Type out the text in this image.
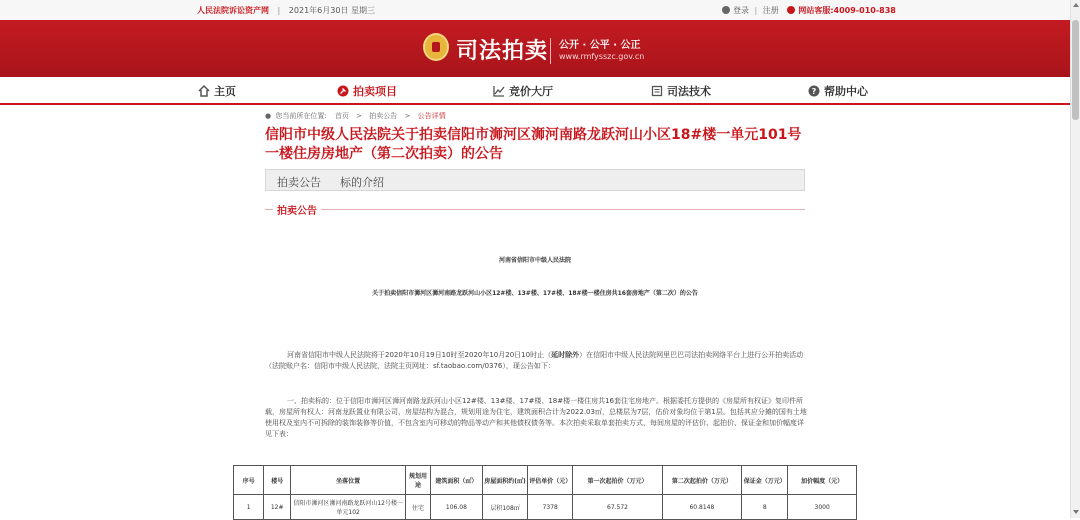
人民法院诉讼资产网 | 2021年6月30日 星期三	登录 | 注册 网站客服:4009-010-838
司法拍卖 公开 · 公平 · 公正
www.rmfysszc.gov.cn
主页	拍卖项目	竞价大厅	司法技术	? 帮助中心
● 您当前所在位置: 首页 > 拍卖公告 > 公告详情
信阳市中级人民法院关于拍卖信阳市浉河区浉河南路龙跃河山小区18#楼一单元101号一楼住房房地产（第二次拍卖）的公告
拍卖公告 标的介绍
拍卖公告
河南省信阳市中级人民法院
关于拍卖信阳市浉河区浉河南路龙跃河山小区12#楼、13#楼、17#楼、18#楼一楼住房共16套房地产（第二次）的公告
河南省信阳市中级人民法院将于2020年10月19日10时至2020年10月20日10时止（延时除外）在信阳市中级人民法院网里巴巴司法拍卖网络平台上进行公开拍卖活动（法院账户名：信阳市中级人民法院，法院主页网址：sf.taobao.com/0376），现公告如下：
一、拍卖标的：位于信阳市浉河区浉河南路龙跃河山小区12#楼、13#楼、17#楼、18#楼一楼住房共16套住宅房地产。根据委托方提供的《房屋所有权证》复印件所载，房屋所有权人：河南龙跃置业有限公司，房屋结构为混合，规划用途为住宅，建筑面积合计为2022.03㎡，总楼层为7层，估价对象均位于第1层。包括其应分摊的国有土地使用权及室内不可拆除的装饰装修等价值，不包含室内可移动的物品等动产和其他债权债务等。本次拍卖采取单套拍卖方式，每间房屋的评估价、起拍价、保证金和加价幅度详见下表：
序号	楼号	坐落位置	规划用途	建筑面积（㎡）	房屋面积约(㎡)	评估单价（元）	第一次起拍价（万元）	第二次起拍价（万元）	保证金（万元）	加价幅度（元）
1	12#	信阳市浉河区浉河南路龙跃河山12号楼一单元102	住宅	106.08	层积108㎡	7378	67.572	60.8148	8	3000
